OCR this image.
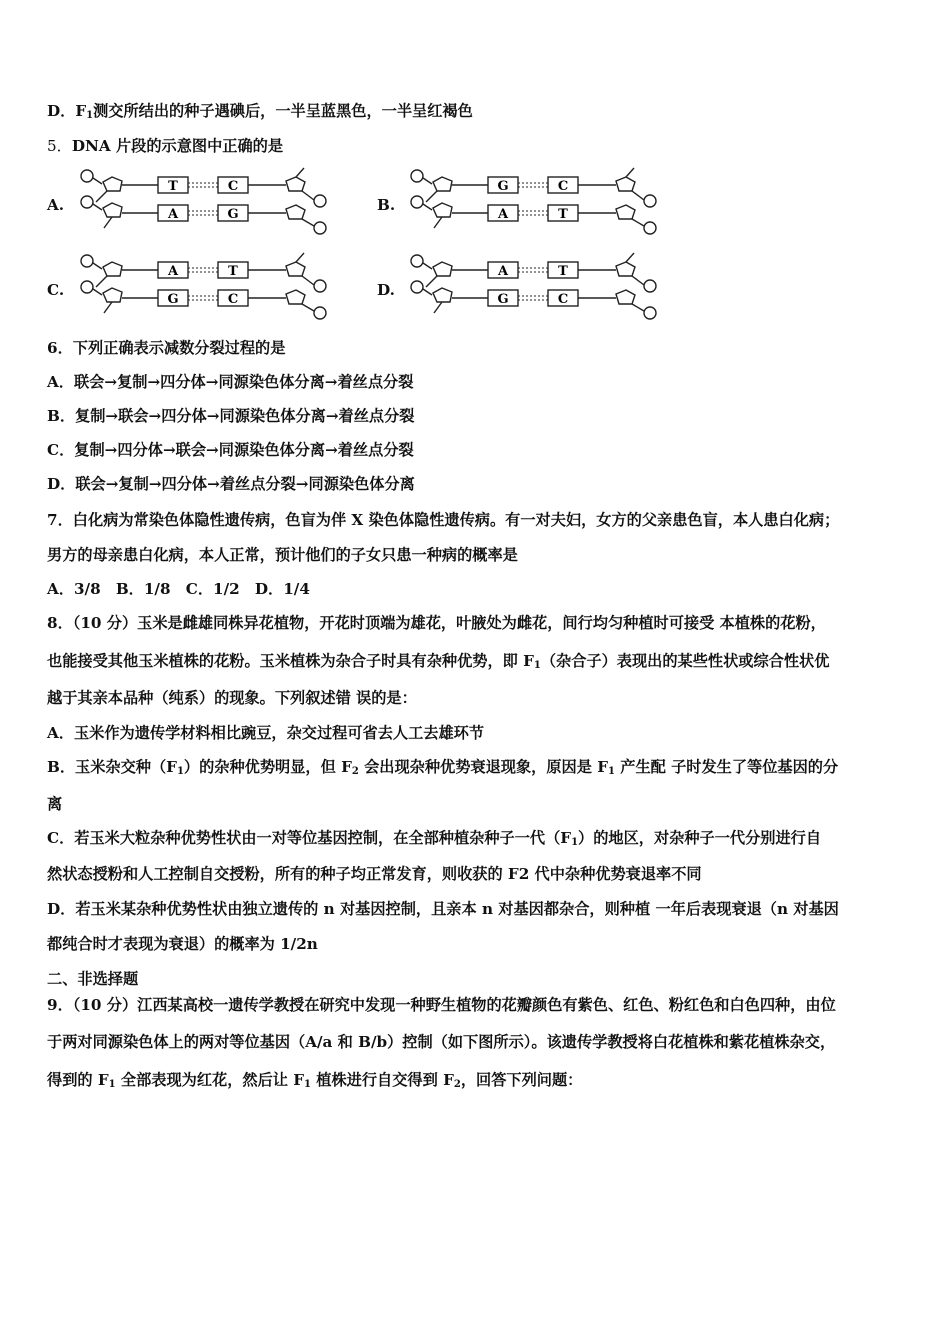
D．$F_1$测交所结出的种子遇碘后，一半呈蓝黑色，一半呈红褐色
5．DNA 片段的示意图中正确的是
A.	B.
C.	D.
T	C
A	G
G	C
A	T
A	T
G	C
A	T
G	C
6．下列正确表示减数分裂过程的是
A．联会→复制→四分体→同源染色体分离→着丝点分裂
B．复制→联会→四分体→同源染色体分离→着丝点分裂
C．复制→四分体→联会→同源染色体分离→着丝点分裂
D．联会→复制→四分体→着丝点分裂→同源染色体分离
7．白化病为常染色体隐性遗传病，色盲为伴 X 染色体隐性遗传病。有一对夫妇，女方的父亲患色盲，本人患白化病；
男方的母亲患白化病，本人正常，预计他们的子女只患一种病的概率是
A．3/8　B．1/8　C．1/2　D．1/4
8．（10 分）玉米是雌雄同株异花植物，开花时顶端为雄花，叶腋处为雌花，间行均匀种植时可接受 本植株的花粉，
也能接受其他玉米植株的花粉。玉米植株为杂合子时具有杂种优势，即 $F_1$（杂合子）表现出的某些性状或综合性状优
越于其亲本品种（纯系）的现象。下列叙述错 误的是：
A．玉米作为遗传学材料相比豌豆，杂交过程可省去人工去雄环节
B．玉米杂交种$(F_1)$的杂种优势明显，但 $F_2$ 会出现杂种优势衰退现象，原因是 $F_1$ 产生配 子时发生了等位基因的分
离
C．若玉米大粒杂种优势性状由一对等位基因控制，在全部种植杂种子一代$(F_1)$的地区，对杂种子一代分别进行自
然状态授粉和人工控制自交授粉，所有的种子均正常发育，则收获的 F2 代中杂种优势衰退率不同
D．若玉米某杂种优势性状由独立遗传的 n 对基因控制，且亲本 n 对基因都杂合，则种植 一年后表现衰退（n 对基因
都纯合时才表现为衰退）的概率为 1/2n
二、非选择题
9．（10 分）江西某高校一遗传学教授在研究中发现一种野生植物的花瓣颜色有紫色、红色、粉红色和白色四种，由位
于两对同源染色体上的两对等位基因（A/a 和 B/b）控制（如下图所示）。该遗传学教授将白花植株和紫花植株杂交，
得到的 $F_1$ 全部表现为红花，然后让 $F_1$ 植株进行自交得到 $F_2$，回答下列问题：
